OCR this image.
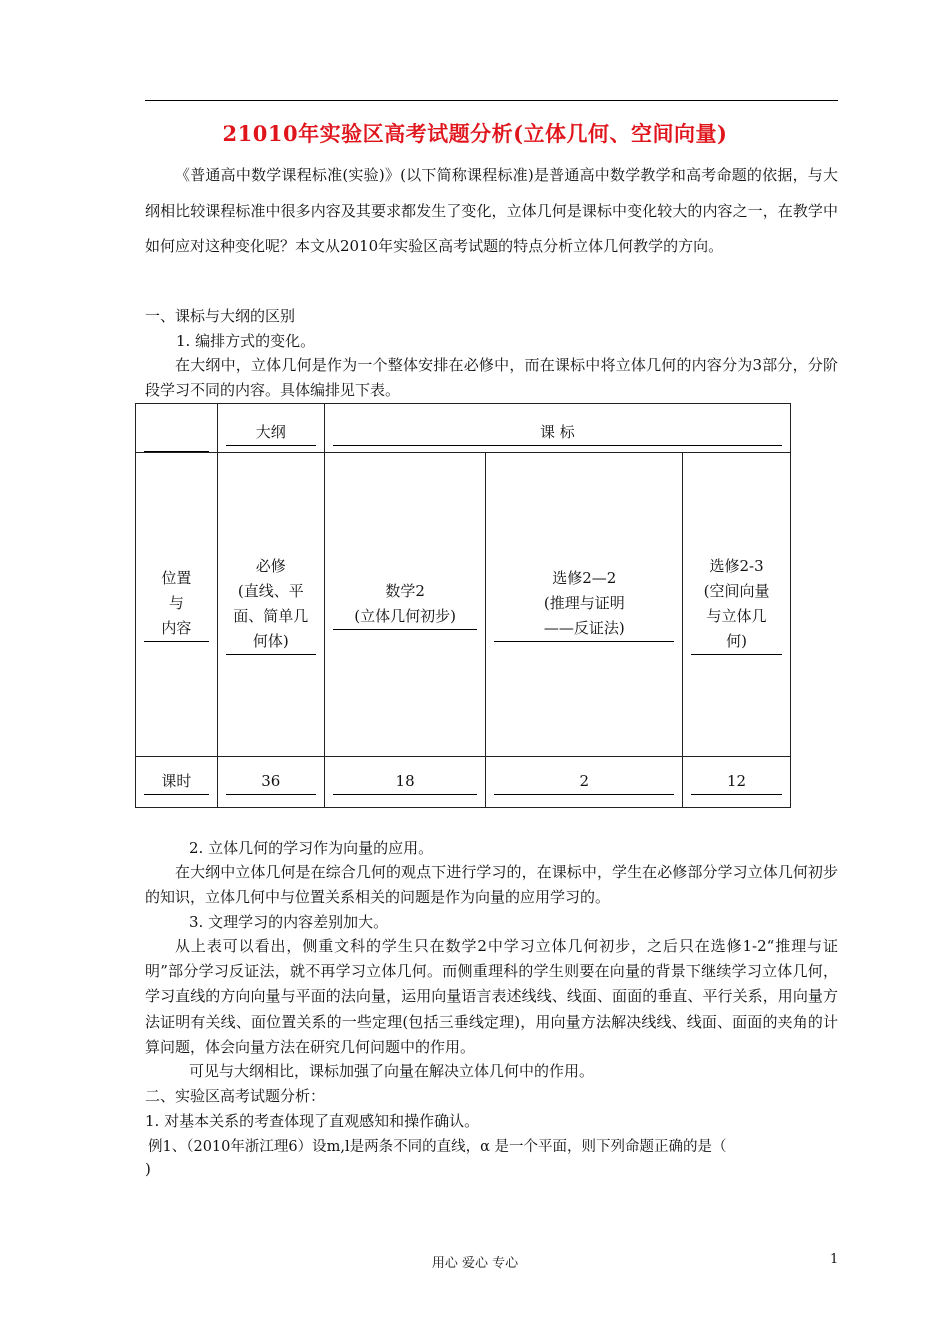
21010年实验区高考试题分析(立体几何、空间向量)
《普通高中数学课程标准(实验)》(以下简称课程标准)是普通高中数学教学和高考命题的依据，与大纲相比较课程标准中很多内容及其要求都发生了变化，立体几何是课标中变化较大的内容之一，在教学中如何应对这种变化呢？本文从2010年实验区高考试题的特点分析立体几何教学的方向。
一、课标与大纲的区别
1. 编排方式的变化。
在大纲中，立体几何是作为一个整体安排在必修中，而在课标中将立体几何的内容分为3部分，分阶段学习不同的内容。具体编排见下表。

	大纲	课 标		

位置
与
内容	必修
(直线、平
面、简单几
何体)	数学2
(立体几何初步)	选修2—2
(推理与证明
——反证法)	选修2-3
(空间向量
与立体几
何)

课时	36	18	2	12
2. 立体几何的学习作为向量的应用。
在大纲中立体几何是在综合几何的观点下进行学习的，在课标中，学生在必修部分学习立体几何初步的知识，立体几何中与位置关系相关的问题是作为向量的应用学习的。
3. 文理学习的内容差别加大。
从上表可以看出，侧重文科的学生只在数学2中学习立体几何初步，之后只在选修1-2“推理与证明”部分学习反证法，就不再学习立体几何。而侧重理科的学生则要在向量的背景下继续学习立体几何，学习直线的方向向量与平面的法向量，运用向量语言表述线线、线面、面面的垂直、平行关系，用向量方法证明有关线、面位置关系的一些定理(包括三垂线定理)，用向量方法解决线线、线面、面面的夹角的计算问题，体会向量方法在研究几何问题中的作用。
可见与大纲相比，课标加强了向量在解决立体几何中的作用。
二、实验区高考试题分析：
1. 对基本关系的考查体现了直观感知和操作确认。
例1、（2010年浙江理6）设m,l是两条不同的直线，α 是一个平面，则下列命题正确的是（
)
用心 爱心 专心	1
